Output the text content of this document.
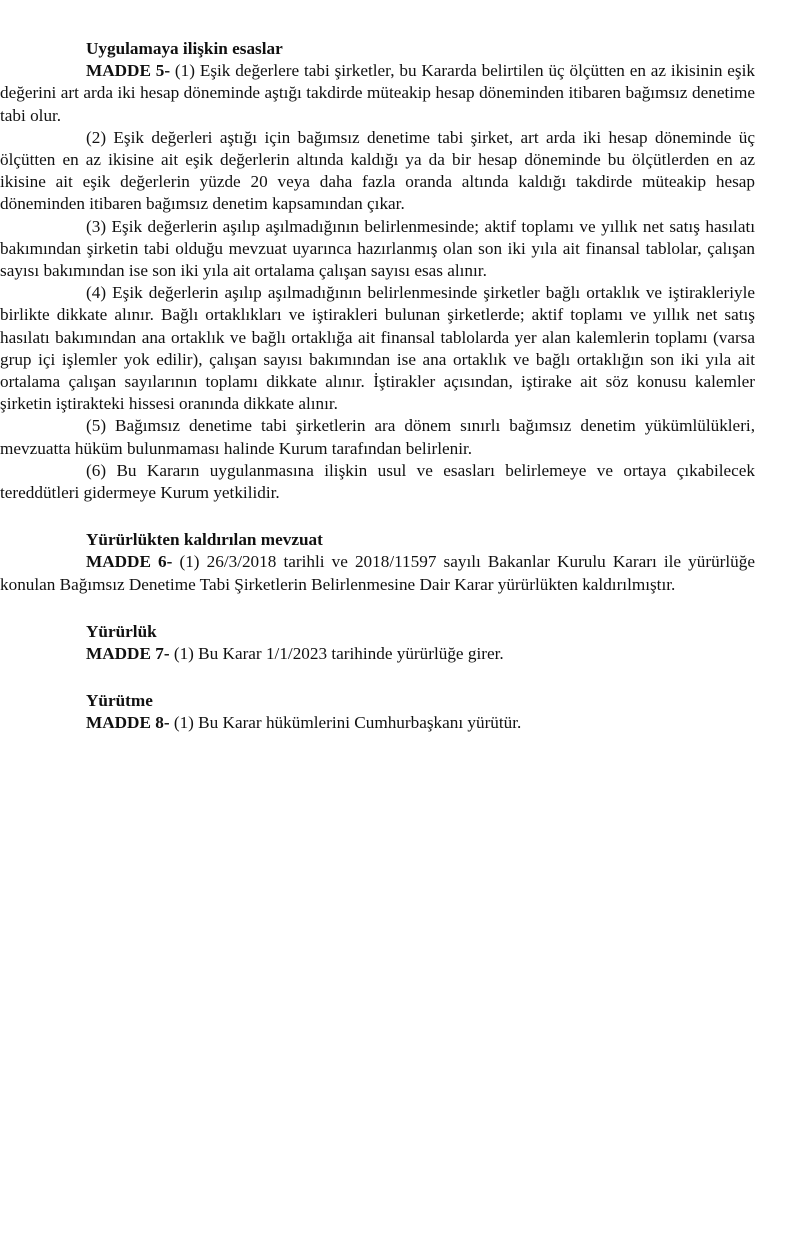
Uygulamaya ilişkin esaslar

MADDE 5- (1) Eşik değerlere tabi şirketler, bu Kararda belirtilen üç ölçütten en az ikisinin eşik değerini art arda iki hesap döneminde aştığı takdirde müteakip hesap döneminden itibaren bağımsız denetime tabi olur.

(2) Eşik değerleri aştığı için bağımsız denetime tabi şirket, art arda iki hesap döneminde üç ölçütten en az ikisine ait eşik değerlerin altında kaldığı ya da bir hesap döneminde bu ölçütlerden en az ikisine ait eşik değerlerin yüzde 20 veya daha fazla oranda altında kaldığı takdirde müteakip hesap döneminden itibaren bağımsız denetim kapsamından çıkar.

(3) Eşik değerlerin aşılıp aşılmadığının belirlenmesinde; aktif toplamı ve yıllık net satış hasılatı bakımından şirketin tabi olduğu mevzuat uyarınca hazırlanmış olan son iki yıla ait finansal tablolar, çalışan sayısı bakımından ise son iki yıla ait ortalama çalışan sayısı esas alınır.

(4) Eşik değerlerin aşılıp aşılmadığının belirlenmesinde şirketler bağlı ortaklık ve iştirakleriyle birlikte dikkate alınır. Bağlı ortaklıkları ve iştirakleri bulunan şirketlerde; aktif toplamı ve yıllık net satış hasılatı bakımından ana ortaklık ve bağlı ortaklığa ait finansal tablolarda yer alan kalemlerin toplamı (varsa grup içi işlemler yok edilir), çalışan sayısı bakımından ise ana ortaklık ve bağlı ortaklığın son iki yıla ait ortalama çalışan sayılarının toplamı dikkate alınır. İştirakler açısından, iştirake ait söz konusu kalemler şirketin iştirakteki hissesi oranında dikkate alınır.

(5) Bağımsız denetime tabi şirketlerin ara dönem sınırlı bağımsız denetim yükümlülükleri, mevzuatta hüküm bulunmaması halinde Kurum tarafından belirlenir.

(6) Bu Kararın uygulanmasına ilişkin usul ve esasları belirlemeye ve ortaya çıkabilecek tereddütleri gidermeye Kurum yetkilidir.

Yürürlükten kaldırılan mevzuat

MADDE 6- (1) 26/3/2018 tarihli ve 2018/11597 sayılı Bakanlar Kurulu Kararı ile yürürlüğe konulan Bağımsız Denetime Tabi Şirketlerin Belirlenmesine Dair Karar yürürlükten kaldırılmıştır.

Yürürlük

MADDE 7- (1) Bu Karar 1/1/2023 tarihinde yürürlüğe girer.

Yürütme

MADDE 8- (1) Bu Karar hükümlerini Cumhurbaşkanı yürütür.
